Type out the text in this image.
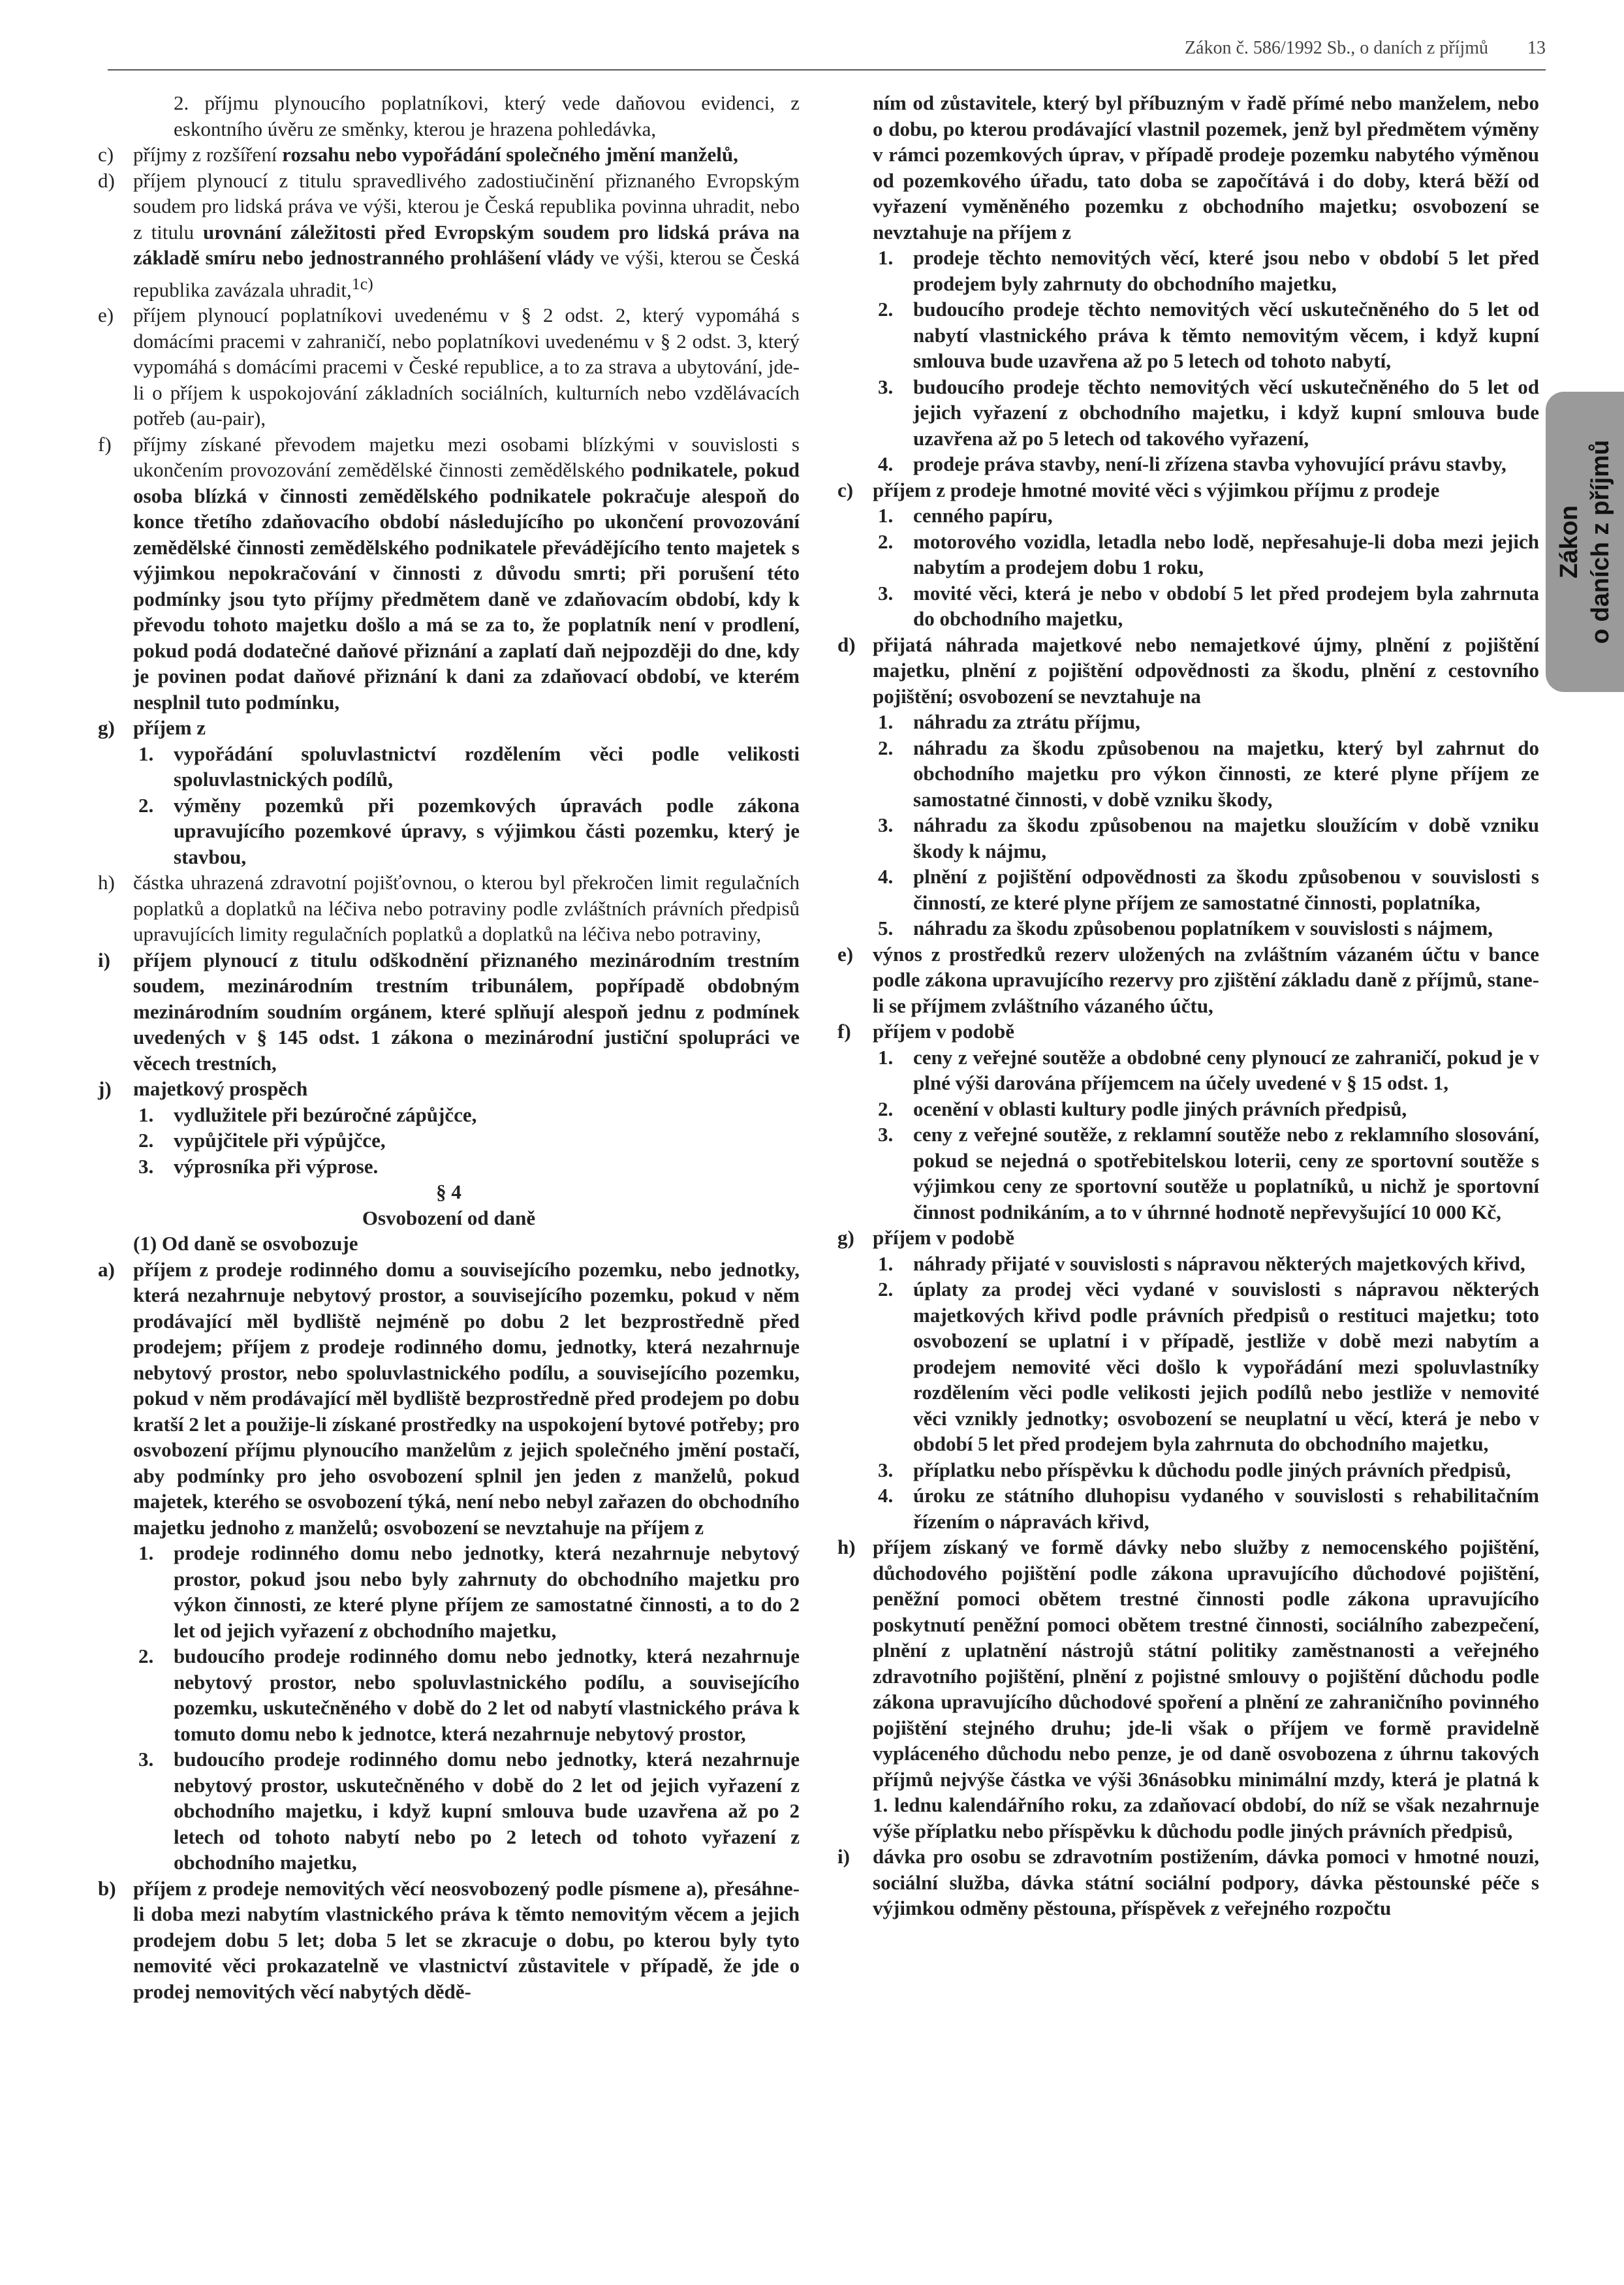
Zákon č. 586/1992 Sb., o daních z příjmů 13
Zákon o daních z příjmů
2. příjmu plynoucího poplatníkovi, který vede daňovou evidenci, z eskontního úvěru ze směnky, kterou je hrazena pohledávka,
c) příjmy z rozšíření rozsahu nebo vypořádání společného jmění manželů,
d) příjem plynoucí z titulu spravedlivého zadostiučinění přiznaného Evropským soudem pro lidská práva ve výši, kterou je Česká republika povinna uhradit, nebo z titulu urovnání záležitosti před Evropským soudem pro lidská práva na základě smíru nebo jednostranného prohlášení vlády ve výši, kterou se Česká republika zavázala uhradit,$^{1c)}$
e) příjem plynoucí poplatníkovi uvedenému v § 2 odst. 2, který vypomáhá s domácími pracemi v zahraničí, nebo poplatníkovi uvedenému v § 2 odst. 3, který vypomáhá s domácími pracemi v České republice, a to za strava a ubytování, jde-li o příjem k uspokojování základních sociálních, kulturních nebo vzdělávacích potřeb (au-pair),
f) příjmy získané převodem majetku mezi osobami blízkými v souvislosti s ukončením provozování zemědělské činnosti zemědělského podnikatele, pokud osoba blízká v činnosti zemědělského podnikatele pokračuje alespoň do konce třetího zdaňovacího období následujícího po ukončení provozování zemědělské činnosti zemědělského podnikatele převádějícího tento majetek s výjimkou nepokračování v činnosti z důvodu smrti; při porušení této podmínky jsou tyto příjmy předmětem daně ve zdaňovacím období, kdy k převodu tohoto majetku došlo a má se za to, že poplatník není v prodlení, pokud podá dodatečné daňové přiznání a zaplatí daň nejpozději do dne, kdy je povinen podat daňové přiznání k dani za zdaňovací období, ve kterém nesplnil tuto podmínku,
g) příjem z
1. vypořádání spoluvlastnictví rozdělením věci podle velikosti spoluvlastnických podílů,
2. výměny pozemků při pozemkových úpravách podle zákona upravujícího pozemkové úpravy, s výjimkou části pozemku, který je stavbou,
h) částka uhrazená zdravotní pojišťovnou, o kterou byl překročen limit regulačních poplatků a doplatků na léčiva nebo potraviny podle zvláštních právních předpisů upravujících limity regulačních poplatků a doplatků na léčiva nebo potraviny,
i) příjem plynoucí z titulu odškodnění přiznaného mezinárodním trestním soudem, mezinárodním trestním tribunálem, popřípadě obdobným mezinárodním soudním orgánem, které splňují alespoň jednu z podmínek uvedených v § 145 odst. 1 zákona o mezinárodní justiční spolupráci ve věcech trestních,
j) majetkový prospěch
1. vydlužitele při bezúročné zápůjčce,
2. vypůjčitele při výpůjčce,
3. výprosníka při výprose.
§ 4
Osvobození od daně
(1) Od daně se osvobozuje
a) příjem z prodeje rodinného domu a souvisejícího pozemku, nebo jednotky, která nezahrnuje nebytový prostor, a souvisejícího pozemku, pokud v něm prodávající měl bydliště nejméně po dobu 2 let bezprostředně před prodejem; příjem z prodeje rodinného domu, jednotky, která nezahrnuje nebytový prostor, nebo spoluvlastnického podílu, a souvisejícího pozemku, pokud v něm prodávající měl bydliště bezprostředně před prodejem po dobu kratší 2 let a použije-li získané prostředky na uspokojení bytové potřeby; pro osvobození příjmu plynoucího manželům z jejich společného jmění postačí, aby podmínky pro jeho osvobození splnil jen jeden z manželů, pokud majetek, kterého se osvobození týká, není nebo nebyl zařazen do obchodního majetku jednoho z manželů; osvobození se nevztahuje na příjem z
1. prodeje rodinného domu nebo jednotky, která nezahrnuje nebytový prostor, pokud jsou nebo byly zahrnuty do obchodního majetku pro výkon činnosti, ze které plyne příjem ze samostatné činnosti, a to do 2 let od jejich vyřazení z obchodního majetku,
2. budoucího prodeje rodinného domu nebo jednotky, která nezahrnuje nebytový prostor, nebo spoluvlastnického podílu, a souvisejícího pozemku, uskutečněného v době do 2 let od nabytí vlastnického práva k tomuto domu nebo k jednotce, která nezahrnuje nebytový prostor,
3. budoucího prodeje rodinného domu nebo jednotky, která nezahrnuje nebytový prostor, uskutečněného v době do 2 let od jejich vyřazení z obchodního majetku, i když kupní smlouva bude uzavřena až po 2 letech od tohoto nabytí nebo po 2 letech od tohoto vyřazení z obchodního majetku,
b) příjem z prodeje nemovitých věcí neosvobozený podle písmene a), přesáhne-li doba mezi nabytím vlastnického práva k těmto nemovitým věcem a jejich prodejem dobu 5 let; doba 5 let se zkracuje o dobu, po kterou byly tyto nemovité věci prokazatelně ve vlastnictví zůstavitele v případě, že jde o prodej nemovitých věcí nabytých dědě-
ním od zůstavitele, který byl příbuzným v řadě přímé nebo manželem, nebo o dobu, po kterou prodávající vlastnil pozemek, jenž byl předmětem výměny v rámci pozemkových úprav, v případě prodeje pozemku nabytého výměnou od pozemkového úřadu, tato doba se započítává i do doby, která běží od vyřazení vyměněného pozemku z obchodního majetku; osvobození se nevztahuje na příjem z
1. prodeje těchto nemovitých věcí, které jsou nebo v období 5 let před prodejem byly zahrnuty do obchodního majetku,
2. budoucího prodeje těchto nemovitých věcí uskutečněného do 5 let od nabytí vlastnického práva k těmto nemovitým věcem, i když kupní smlouva bude uzavřena až po 5 letech od tohoto nabytí,
3. budoucího prodeje těchto nemovitých věcí uskutečněného do 5 let od jejich vyřazení z obchodního majetku, i když kupní smlouva bude uzavřena až po 5 letech od takového vyřazení,
4. prodeje práva stavby, není-li zřízena stavba vyhovující právu stavby,
c) příjem z prodeje hmotné movité věci s výjimkou příjmu z prodeje
1. cenného papíru,
2. motorového vozidla, letadla nebo lodě, nepřesahuje-li doba mezi jejich nabytím a prodejem dobu 1 roku,
3. movité věci, která je nebo v období 5 let před prodejem byla zahrnuta do obchodního majetku,
d) přijatá náhrada majetkové nebo nemajetkové újmy, plnění z pojištění majetku, plnění z pojištění odpovědnosti za škodu, plnění z cestovního pojištění; osvobození se nevztahuje na
1. náhradu za ztrátu příjmu,
2. náhradu za škodu způsobenou na majetku, který byl zahrnut do obchodního majetku pro výkon činnosti, ze které plyne příjem ze samostatné činnosti, v době vzniku škody,
3. náhradu za škodu způsobenou na majetku sloužícím v době vzniku škody k nájmu,
4. plnění z pojištění odpovědnosti za škodu způsobenou v souvislosti s činností, ze které plyne příjem ze samostatné činnosti, poplatníka,
5. náhradu za škodu způsobenou poplatníkem v souvislosti s nájmem,
e) výnos z prostředků rezerv uložených na zvláštním vázaném účtu v bance podle zákona upravujícího rezervy pro zjištění základu daně z příjmů, stane-li se příjmem zvláštního vázaného účtu,
f) příjem v podobě
1. ceny z veřejné soutěže a obdobné ceny plynoucí ze zahraničí, pokud je v plné výši darována příjemcem na účely uvedené v § 15 odst. 1,
2. ocenění v oblasti kultury podle jiných právních předpisů,
3. ceny z veřejné soutěže, z reklamní soutěže nebo z reklamního slosování, pokud se nejedná o spotřebitelskou loterii, ceny ze sportovní soutěže s výjimkou ceny ze sportovní soutěže u poplatníků, u nichž je sportovní činnost podnikáním, a to v úhrnné hodnotě nepřevyšující 10 000 Kč,
g) příjem v podobě
1. náhrady přijaté v souvislosti s nápravou některých majetkových křivd,
2. úplaty za prodej věci vydané v souvislosti s nápravou některých majetkových křivd podle právních předpisů o restituci majetku; toto osvobození se uplatní i v případě, jestliže v době mezi nabytím a prodejem nemovité věci došlo k vypořádání mezi spoluvlastníky rozdělením věci podle velikosti jejich podílů nebo jestliže v nemovité věci vznikly jednotky; osvobození se neuplatní u věcí, která je nebo v období 5 let před prodejem byla zahrnuta do obchodního majetku,
3. příplatku nebo příspěvku k důchodu podle jiných právních předpisů,
4. úroku ze státního dluhopisu vydaného v souvislosti s rehabilitačním řízením o nápravách křivd,
h) příjem získaný ve formě dávky nebo služby z nemocenského pojištění, důchodového pojištění podle zákona upravujícího důchodové pojištění, peněžní pomoci obětem trestné činnosti podle zákona upravujícího poskytnutí peněžní pomoci obětem trestné činnosti, sociálního zabezpečení, plnění z uplatnění nástrojů státní politiky zaměstnanosti a veřejného zdravotního pojištění, plnění z pojistné smlouvy o pojištění důchodu podle zákona upravujícího důchodové spoření a plnění ze zahraničního povinného pojištění stejného druhu; jde-li však o příjem ve formě pravidelně vypláceného důchodu nebo penze, je od daně osvobozena z úhrnu takových příjmů nejvýše částka ve výši 36násobku minimální mzdy, která je platná k 1. lednu kalendářního roku, za zdaňovací období, do níž se však nezahrnuje výše příplatku nebo příspěvku k důchodu podle jiných právních předpisů,
i) dávka pro osobu se zdravotním postižením, dávka pomoci v hmotné nouzi, sociální služba, dávka státní sociální podpory, dávka pěstounské péče s výjimkou odměny pěstouna, příspěvek z veřejného rozpočtu
